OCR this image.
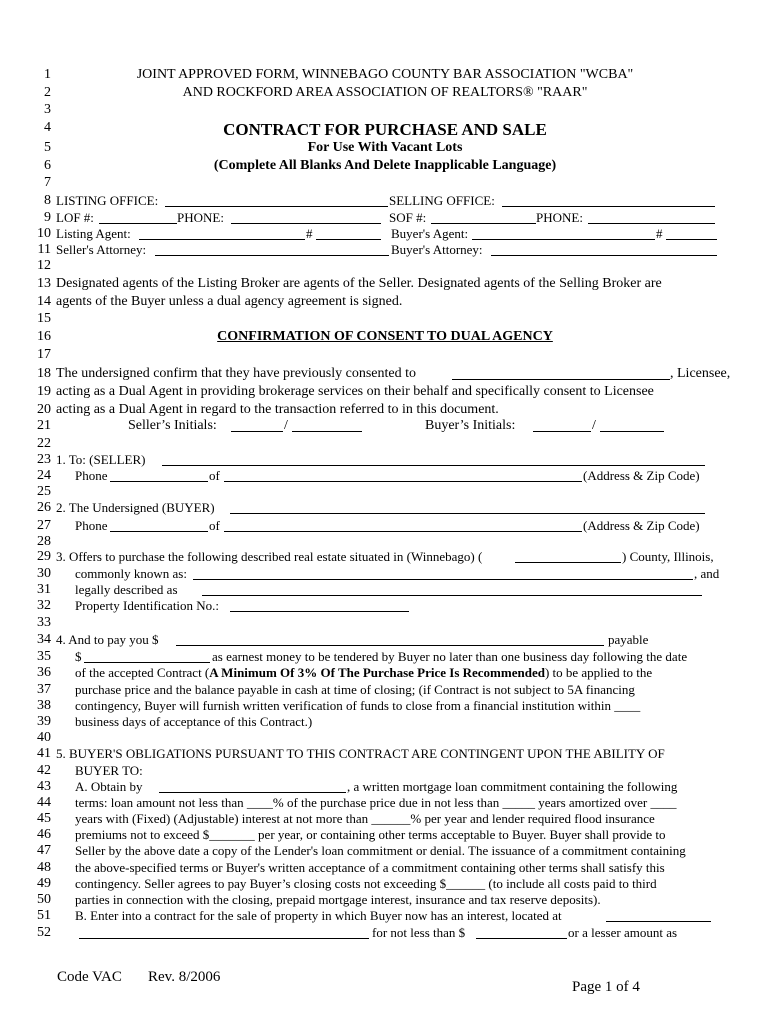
1
2
3
4
5
6
7
8
9
10
11
12
13
14
15
16
17
18
19
20
21
22
23
24
25
26
27
28
29
30
31
32
33
34
35
36
37
38
39
40
41
42
43
44
45
46
47
48
49
50
51
52
JOINT APPROVED FORM, WINNEBAGO COUNTY BAR ASSOCIATION "WCBA"
AND ROCKFORD AREA ASSOCIATION OF REALTORS® "RAAR"
CONTRACT FOR PURCHASE AND SALE
For Use With Vacant Lots
(Complete All Blanks And Delete Inapplicable Language)
LISTING OFFICE:	SELLING OFFICE:
LOF #:	PHONE:	SOF #:	PHONE:
Listing Agent:	#	Buyer's Agent:	#
Seller's Attorney:	Buyer's Attorney:
Designated agents of the Listing Broker are agents of the Seller. Designated agents of the Selling Broker are
agents of the Buyer unless a dual agency agreement is signed.
CONFIRMATION OF CONSENT TO DUAL AGENCY
The undersigned confirm that they have previously consented to	, Licensee,
acting as a Dual Agent in providing brokerage services on their behalf and specifically consent to Licensee
acting as a Dual Agent in regard to the transaction referred to in this document.
Seller’s Initials:	/	Buyer’s Initials:	/
1. To: (SELLER)
Phone	of	(Address & Zip Code)
2. The Undersigned (BUYER)
Phone	of	(Address & Zip Code)
3. Offers to purchase the following described real estate situated in (Winnebago) (	) County, Illinois,
commonly known as:	, and
legally described as
Property Identification No.:
4. And to pay you $	payable
$	as earnest money to be tendered by Buyer no later than one business day following the date
of the accepted Contract (A Minimum Of 3% Of The Purchase Price Is Recommended) to be applied to the
purchase price and the balance payable in cash at time of closing; (if Contract is not subject to 5A financing
contingency, Buyer will furnish written verification of funds to close from a financial institution within ____
business days of acceptance of this Contract.)
5. BUYER'S OBLIGATIONS PURSUANT TO THIS CONTRACT ARE CONTINGENT UPON THE ABILITY OF
BUYER TO:
A. Obtain by	, a written mortgage loan commitment containing the following
terms: loan amount not less than ____% of the purchase price due in not less than _____ years amortized over ____
years with (Fixed) (Adjustable) interest at not more than ______% per year and lender required flood insurance
premiums not to exceed $_______ per year, or containing other terms acceptable to Buyer. Buyer shall provide to
Seller by the above date a copy of the Lender's loan commitment or denial. The issuance of a commitment containing
the above-specified terms or Buyer's written acceptance of a commitment containing other terms shall satisfy this
contingency. Seller agrees to pay Buyer’s closing costs not exceeding $______ (to include all costs paid to third
parties in connection with the closing, prepaid mortgage interest, insurance and tax reserve deposits).
B. Enter into a contract for the sale of property in which Buyer now has an interest, located at
for not less than $	or a lesser amount as
Code VAC Rev. 8/2006
Page 1 of 4
